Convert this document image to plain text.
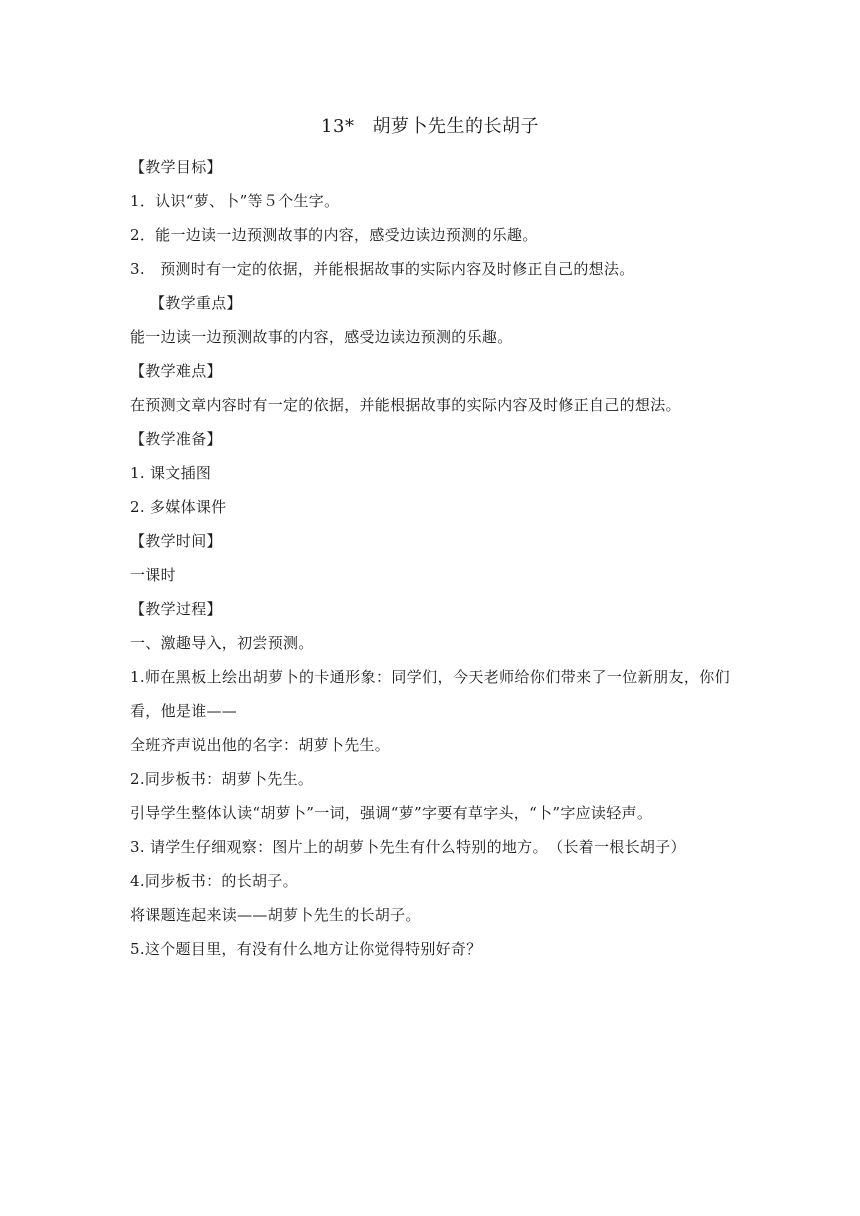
13* 胡萝卜先生的长胡子
【教学目标】
1．认识“萝、卜”等５个生字。
2．能一边读一边预测故事的内容，感受边读边预测的乐趣。
3.　预测时有一定的依据，并能根据故事的实际内容及时修正自己的想法。
【教学重点】
能一边读一边预测故事的内容，感受边读边预测的乐趣。
【教学难点】
在预测文章内容时有一定的依据，并能根据故事的实际内容及时修正自己的想法。
【教学准备】
1. 课文插图
2. 多媒体课件
【教学时间】
一课时
【教学过程】
一、激趣导入，初尝预测。
1.师在黑板上绘出胡萝卜的卡通形象：同学们，今天老师给你们带来了一位新朋友，你们看，他是谁——
全班齐声说出他的名字：胡萝卜先生。
2.同步板书：胡萝卜先生。
引导学生整体认读“胡萝卜”一词，强调“萝”字要有草字头，“卜”字应读轻声。
3. 请学生仔细观察：图片上的胡萝卜先生有什么特别的地方。　（长着一根长胡子）
4.同步板书：的长胡子。
将课题连起来读——胡萝卜先生的长胡子。
5.这个题目里，有没有什么地方让你觉得特别好奇？
